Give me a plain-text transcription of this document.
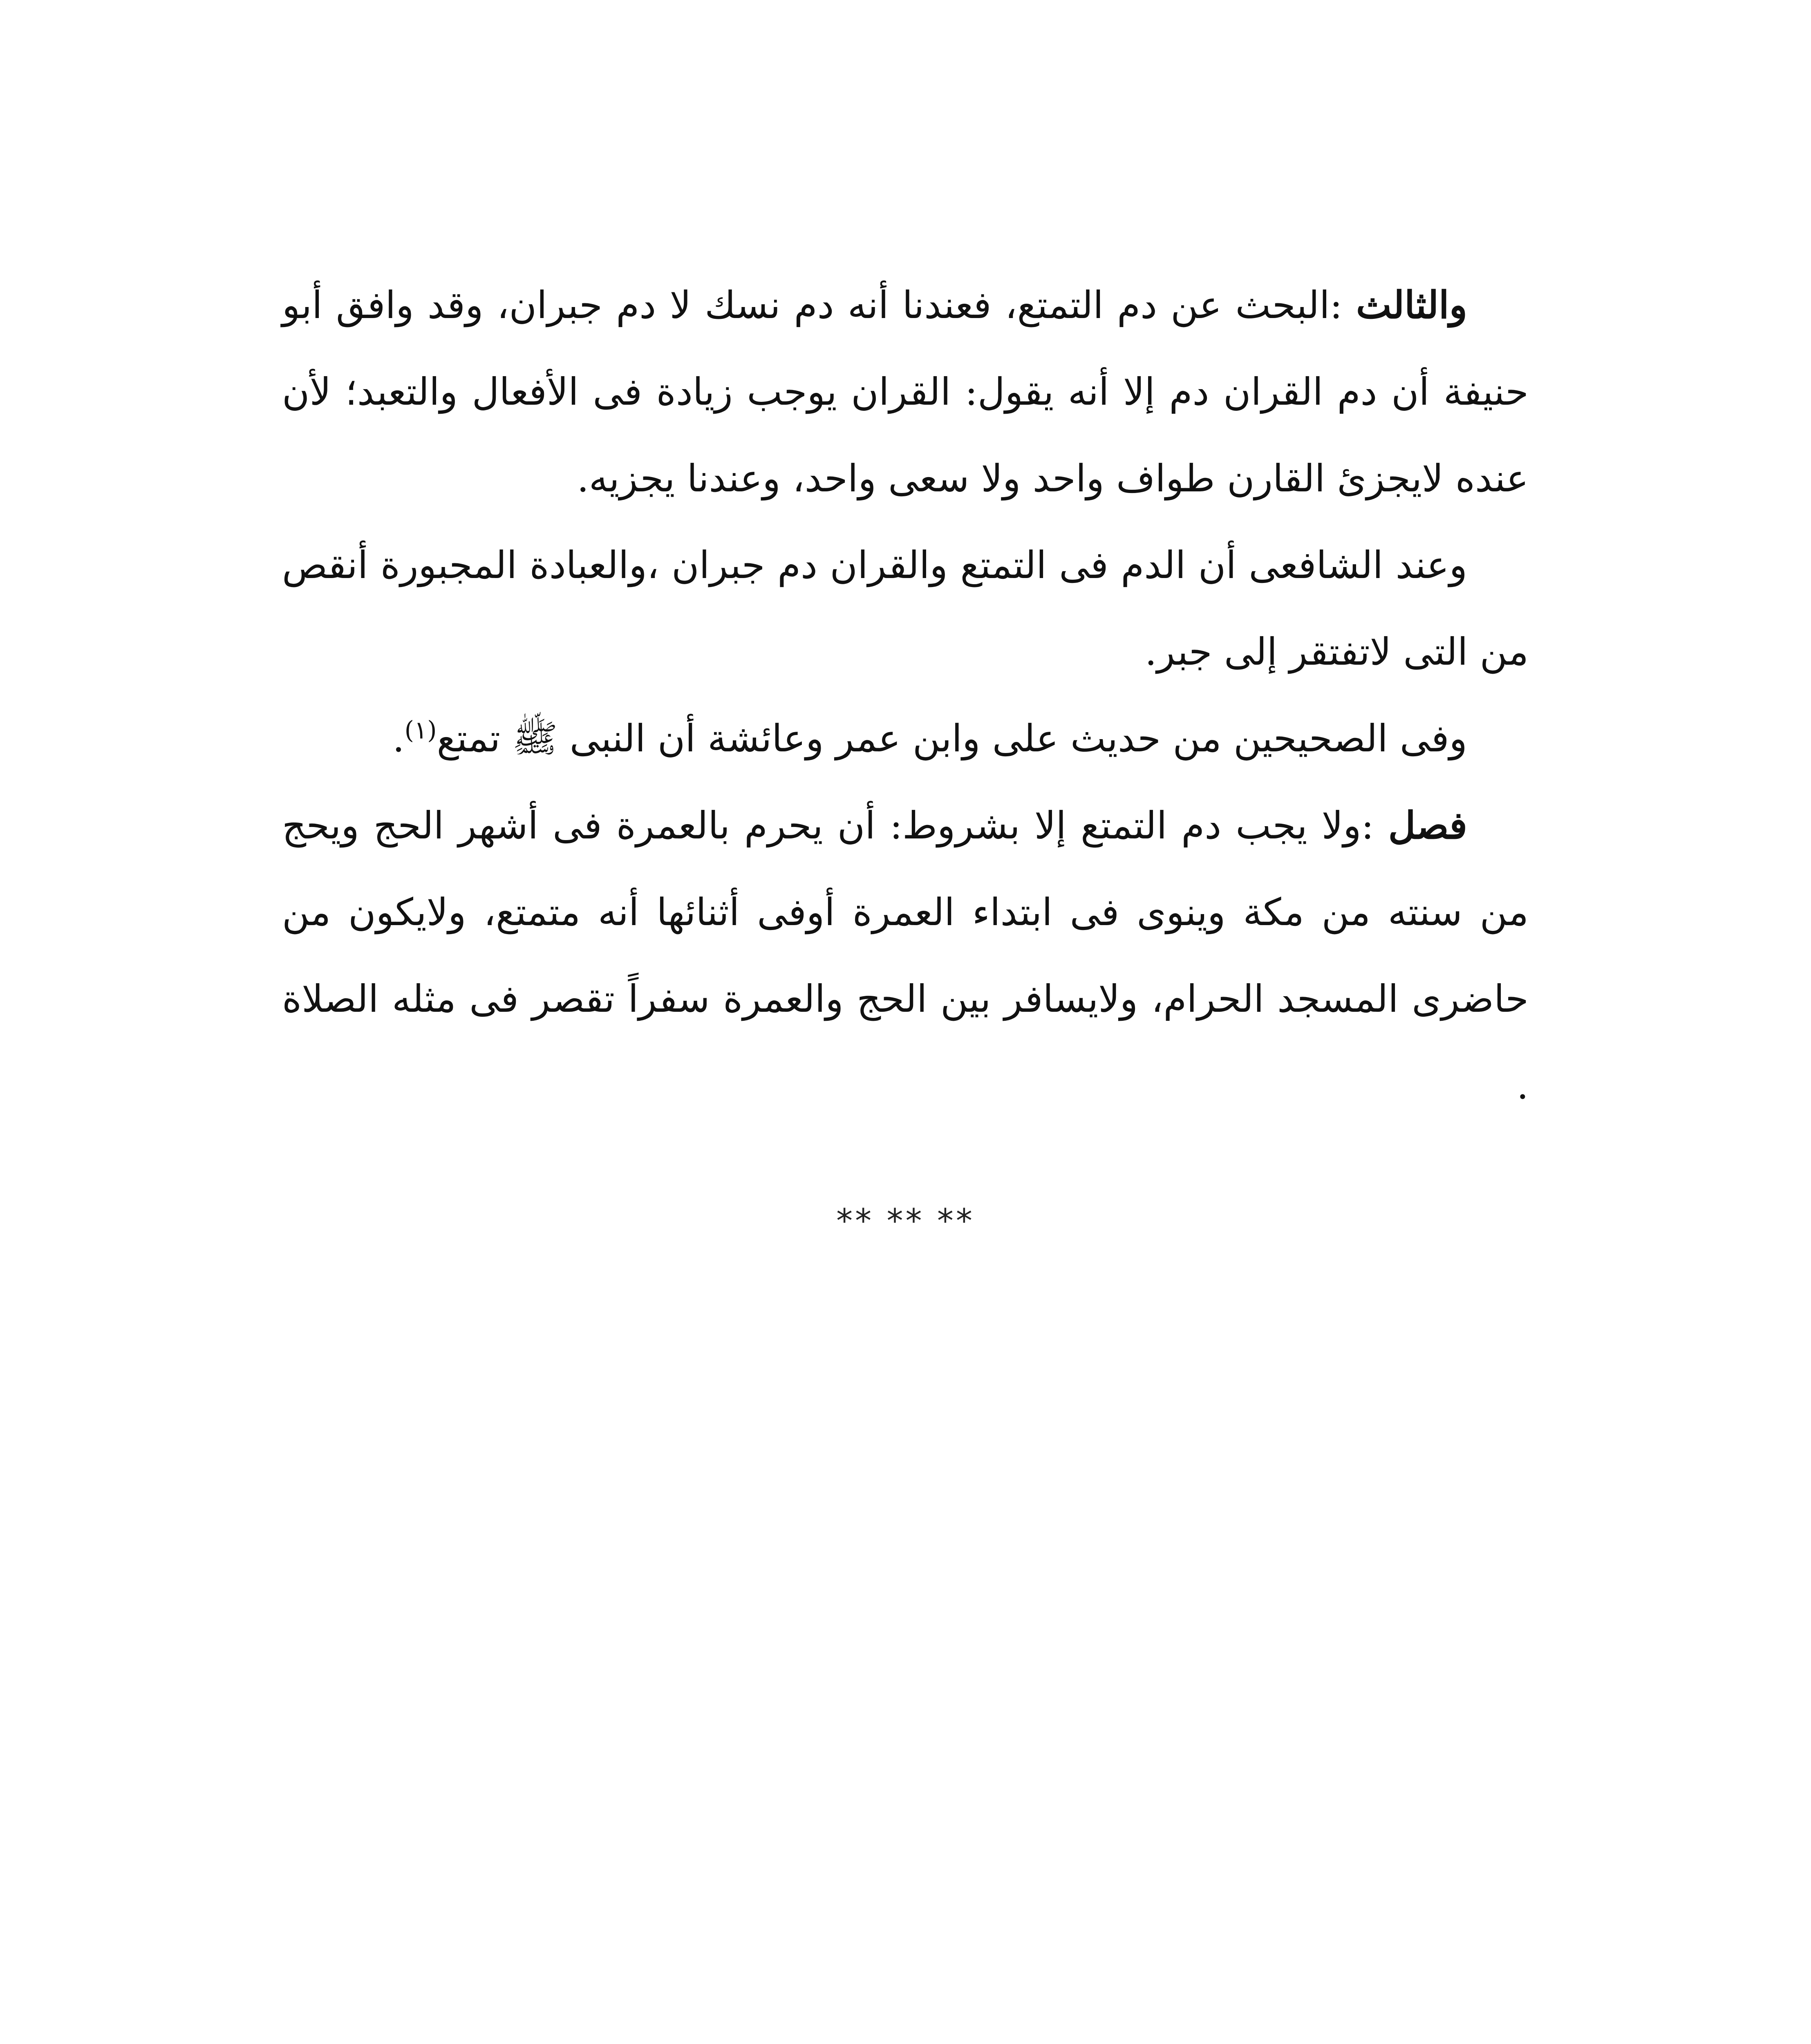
والثالث :البحث عن دم التمتع، فعندنا أنه دم نسك لا دم جبران، وقد وافق أبو حنيفة أن دم القران دم إلا أنه يقول: القران يوجب زيادة فى الأفعال والتعبد؛ لأن عنده لايجزئ القارن طواف واحد ولا سعى واحد، وعندنا يجزيه.

وعند الشافعى أن الدم فى التمتع والقران دم جبران ،والعبادة المجبورة أنقص من التى لاتفتقر إلى جبر.

وفى الصحيحين من حديث على وابن عمر وعائشة أن النبى ﷺ تمتع$^{(١)}$.

فصل :ولا يجب دم التمتع إلا بشروط: أن يحرم بالعمرة فى أشهر الحج ويحج من سنته من مكة وينوى فى ابتداء العمرة أوفى أثنائها أنه متمتع، ولايكون من حاضرى المسجد الحرام، ولايسافر بين الحج والعمرة سفراً تقصر فى مثله الصلاة .

** ** **
